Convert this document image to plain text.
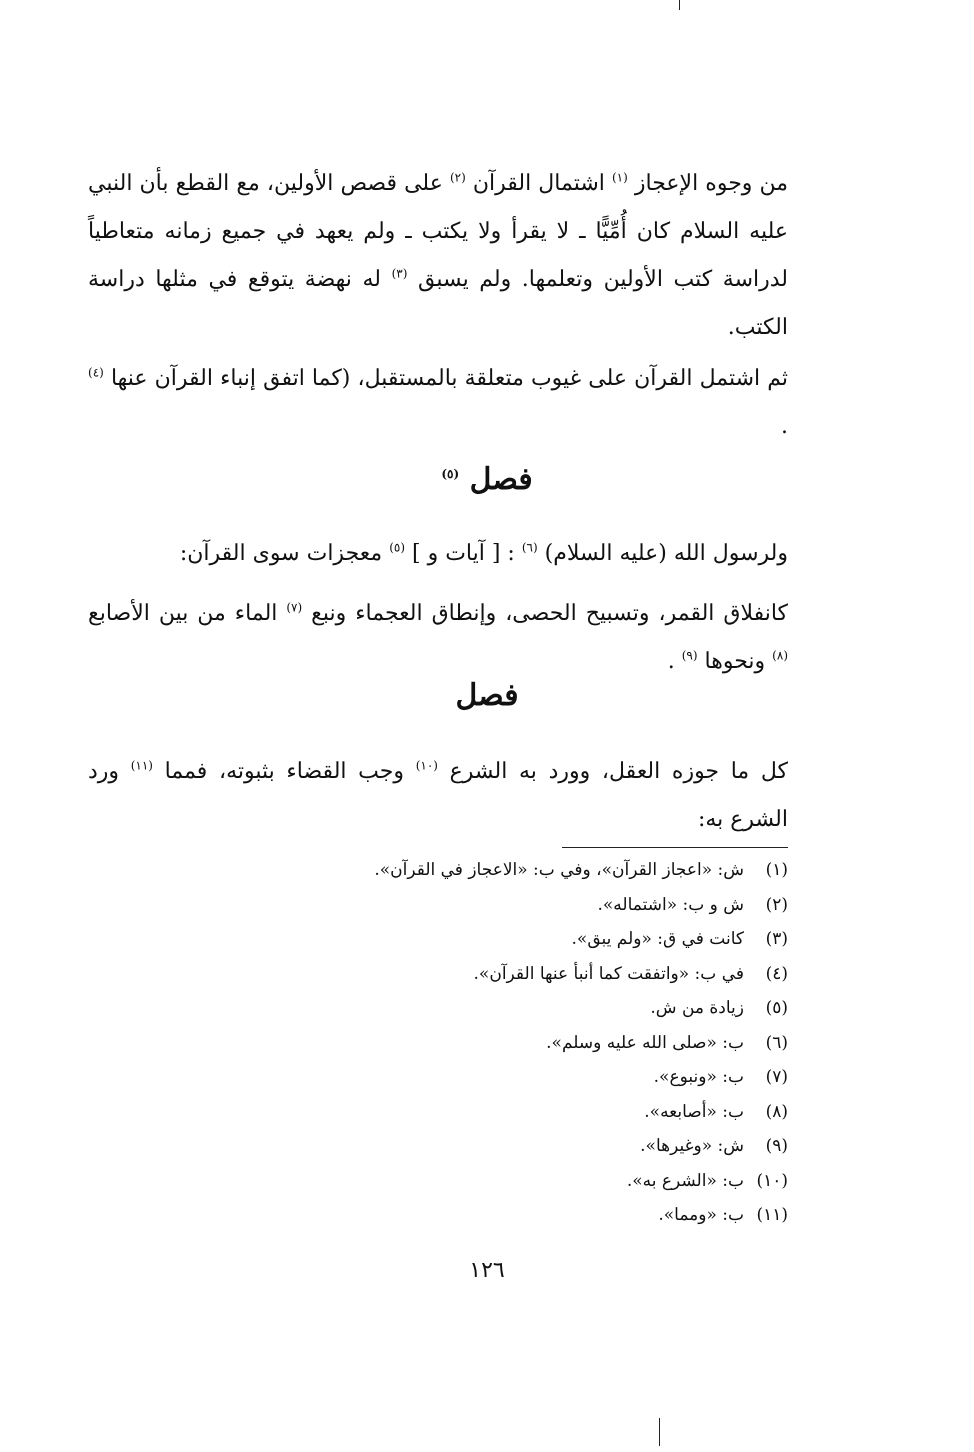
من وجوه الإعجاز $^{(١)}$ اشتمال القرآن $^{(٢)}$ على قصص الأولين، مع القطع بأن النبي عليه السلام كان أُمِّيًّا ـ لا يقرأ ولا يكتب ـ ولم يعهد في جميع زمانه متعاطياً لدراسة كتب الأولين وتعلمها. ولم يسبق $^{(٣)}$ له نهضة يتوقع في مثلها دراسة الكتب.

ثم اشتمل القرآن على غيوب متعلقة بالمستقبل، (كما اتفق إنباء القرآن عنها $^{(٤)}$ .

فصل $^{(٥)}$

ولرسول الله (عليه السلام) $^{(٦)}$ : [ آيات و ] $^{(٥)}$ معجزات سوى القرآن:

كانفلاق القمر، وتسبيح الحصى، وإنطاق العجماء ونبع $^{(٧)}$ الماء من بين الأصابع $^{(٨)}$ ونحوها $^{(٩)}$ .

فصل

كل ما جوزه العقل، وورد به الشرع $^{(١٠)}$ وجب القضاء بثبوته، فمما $^{(١١)}$ ورد الشرع به:

(١)ش: «اعجاز القرآن»، وفي ب: «الاعجاز في القرآن».
(٢)ش و ب: «اشتماله».
(٣)كانت في ق: «ولم يبق».
(٤)في ب: «واتفقت كما أنبأ عنها القرآن».
(٥)زيادة من ش.
(٦)ب: «صلى الله عليه وسلم».
(٧)ب: «ونبوع».
(٨)ب: «أصابعه».
(٩)ش: «وغيرها».
(١٠)ب: «الشرع به».
(١١)ب: «ومما».
١٢٦
